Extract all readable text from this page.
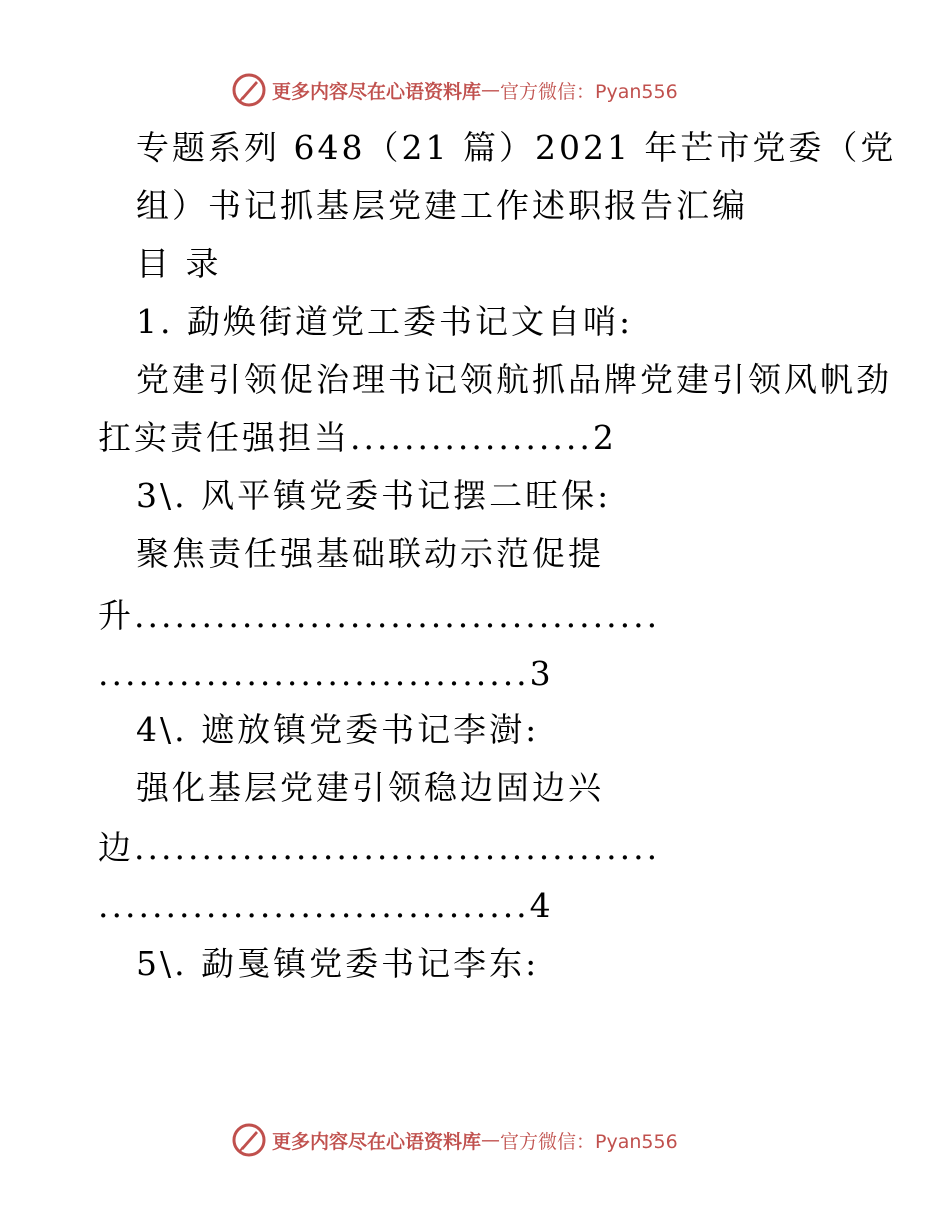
更多内容尽在心语资料库 — 官方微信：Pyan556
专题系列 648（21 篇）2021 年芒市党委（党
组）书记抓基层党建工作述职报告汇编
目 录
1. 勐焕街道党工委书记文自哨:
党建引领促治理书记领航抓品牌党建引领风帆劲
扛实责任强担当..................2
3\. 风平镇党委书记摆二旺保:
聚焦责任强基础联动示范促提
升.......................................
................................3
4\. 遮放镇党委书记李澍:
强化基层党建引领稳边固边兴
边.......................................
................................4
5\. 勐戛镇党委书记李东:
更多内容尽在心语资料库 — 官方微信：Pyan556
